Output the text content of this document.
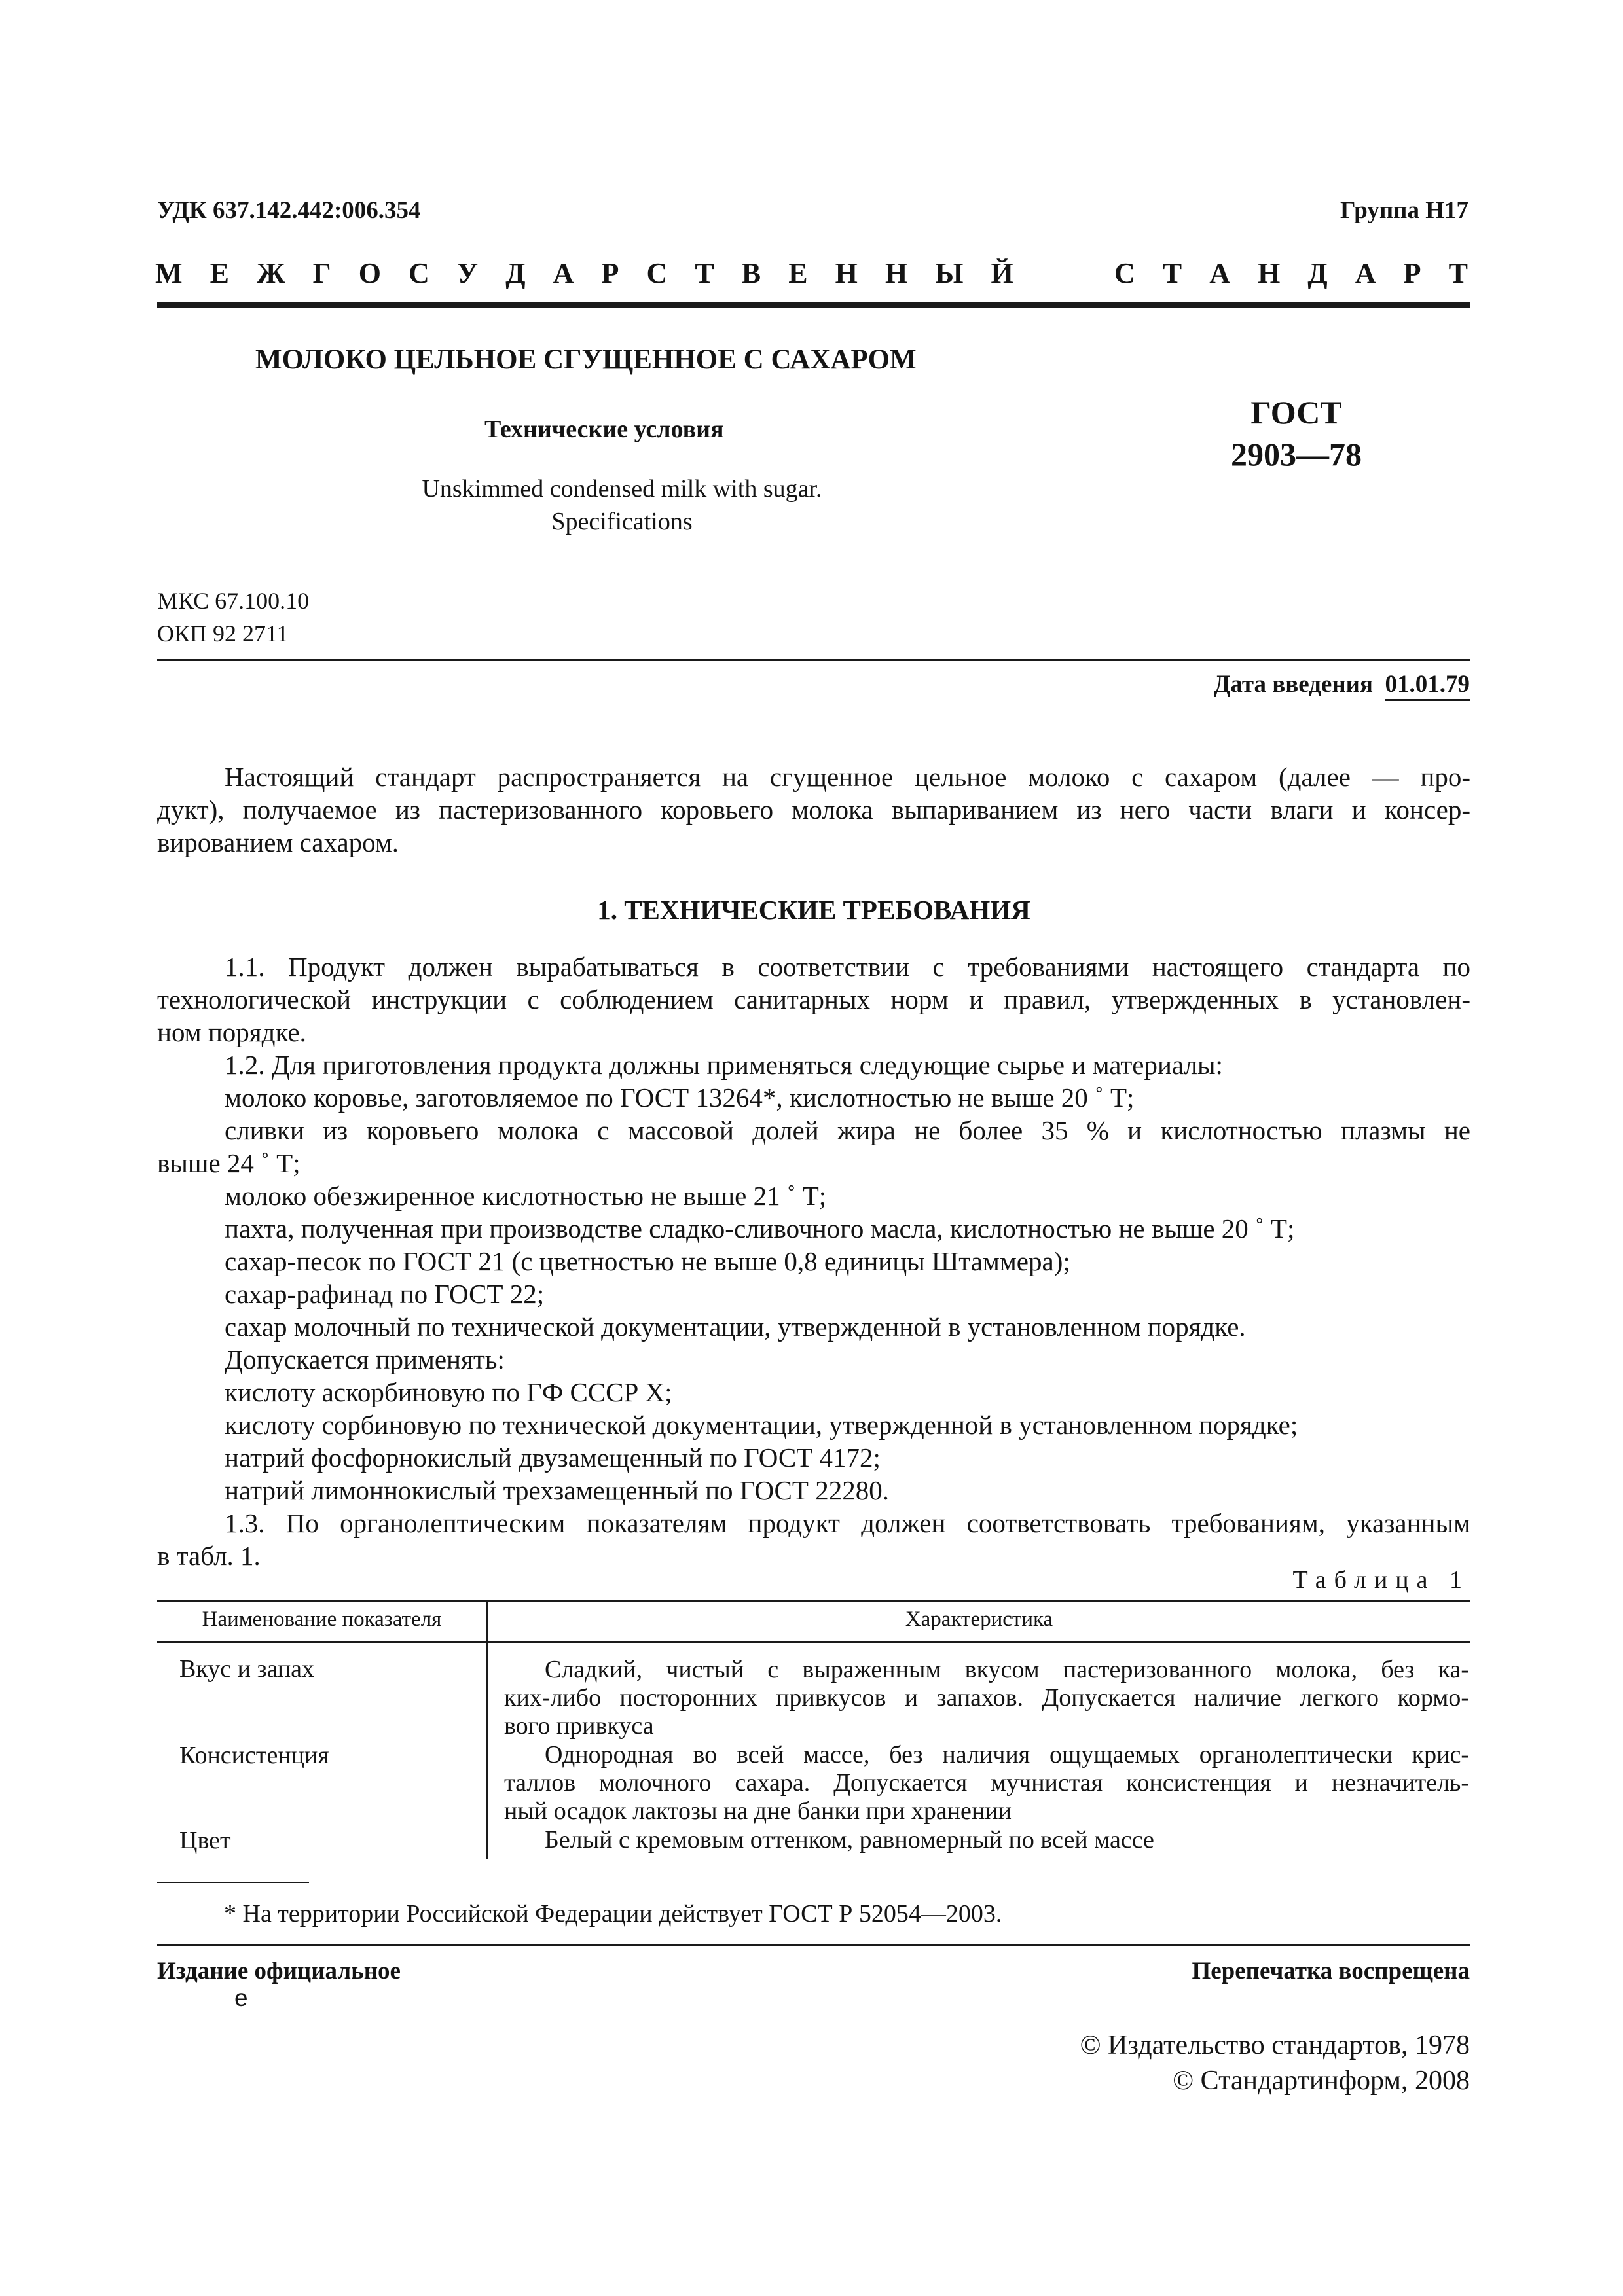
УДК 637.142.442:006.354	Группа Н17
М Е Ж Г О С У Д А Р С Т В Е Н Н Ы Й	С Т А Н Д А Р Т
МОЛОКО ЦЕЛЬНОЕ СГУЩЕННОЕ С САХАРОМ
Технические условия
Unskimmed condensed milk with sugar.
Specifications
ГОСТ
2903—78
МКС 67.100.10
ОКП 92 2711
Дата введения 01.01.79
Настоящий стандарт распространяется на сгущенное цельное молоко с сахаром (далее — про-
дукт), получаемое из пастеризованного коровьего молока выпариванием из него части влаги и консер-
вированием сахаром.
1. ТЕХНИЧЕСКИЕ ТРЕБОВАНИЯ
1.1. Продукт должен вырабатываться в соответствии с требованиями настоящего стандарта по
технологической инструкции с соблюдением санитарных норм и правил, утвержденных в установлен-
ном порядке.
1.2. Для приготовления продукта должны применяться следующие сырье и материалы:
молоко коровье, заготовляемое по ГОСТ 13264*, кислотностью не выше 20 ˚ Т;
сливки из коровьего молока с массовой долей жира не более 35 % и кислотностью плазмы не
выше 24 ˚ Т;
молоко обезжиренное кислотностью не выше 21 ˚ Т;
пахта, полученная при производстве сладко-сливочного масла, кислотностью не выше 20 ˚ Т;
сахар-песок по ГОСТ 21 (с цветностью не выше 0,8 единицы Штаммера);
сахар-рафинад по ГОСТ 22;
сахар молочный по технической документации, утвержденной в установленном порядке.
Допускается применять:
кислоту аскорбиновую по ГФ СССР X;
кислоту сорбиновую по технической документации, утвержденной в установленном порядке;
натрий фосфорнокислый двузамещенный по ГОСТ 4172;
натрий лимоннокислый трехзамещенный по ГОСТ 22280.
1.3. По органолептическим показателям продукт должен соответствовать требованиям, указанным
в табл. 1.
Таблица 1
Наименование показателя	Характеристика
Вкус и запах	Сладкий, чистый с выраженным вкусом пастеризованного молока, без ка-
ких-либо посторонних привкусов и запахов. Допускается наличие легкого кормо-
вого привкуса
Консистенция	Однородная во всей массе, без наличия ощущаемых органолептически крис-
таллов молочного сахара. Допускается мучнистая консистенция и незначитель-
ный осадок лактозы на дне банки при хранении
Цвет	Белый с кремовым оттенком, равномерный по всей массе
* На территории Российской Федерации действует ГОСТ Р 52054—2003.
Издание официальное	Перепечатка воспрещена
е
© Издательство стандартов, 1978
© Стандартинформ, 2008
